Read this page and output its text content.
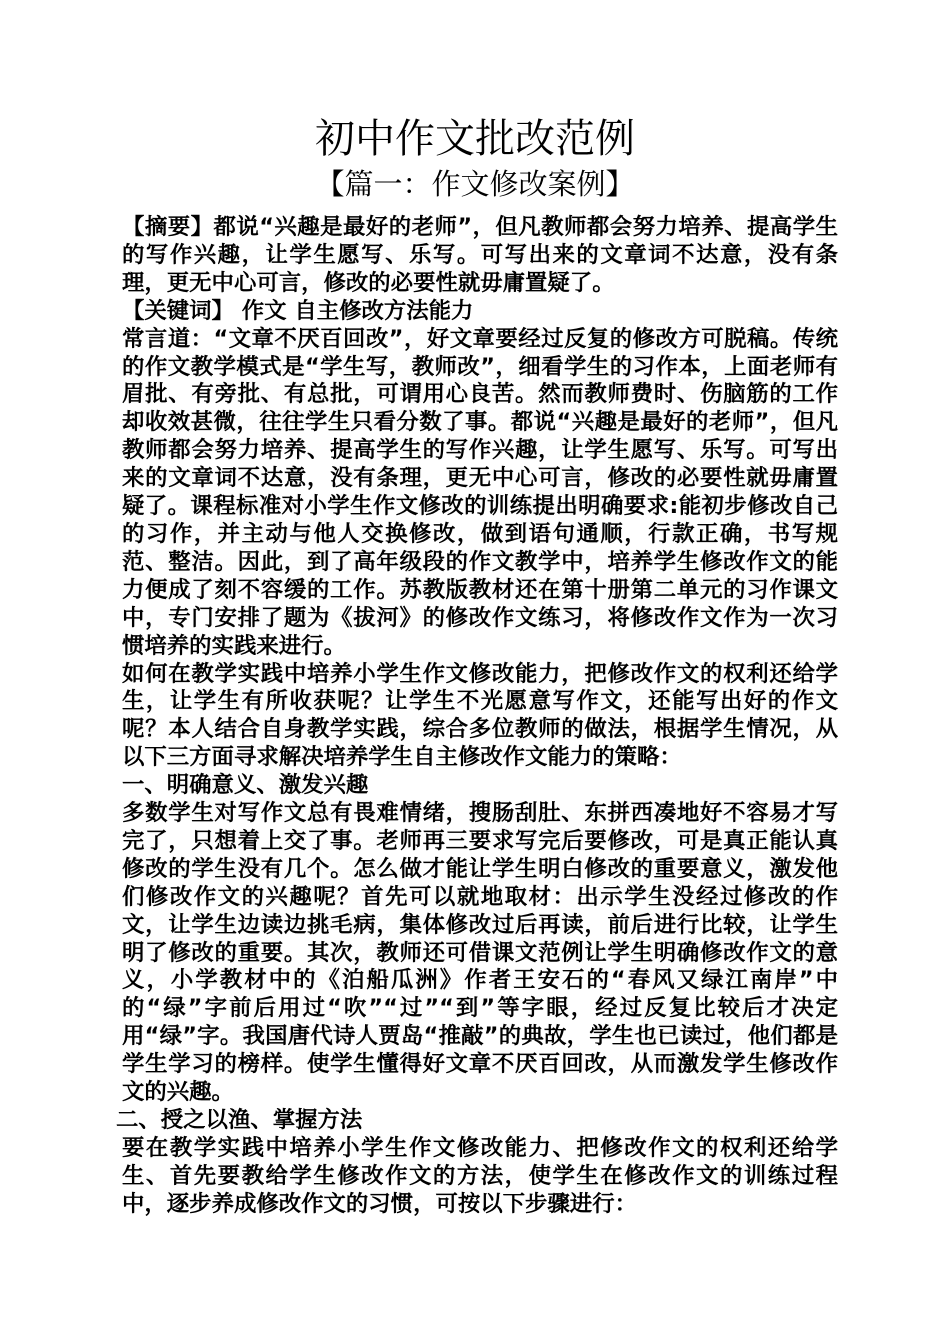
初中作文批改范例
【篇一：作文修改案例】

【摘要】都说“兴趣是最好的老师”，但凡教师都会努力培养、提高学生的写作兴趣，让学生愿写、乐写。可写出来的文章词不达意，没有条理，更无中心可言，修改的必要性就毋庸置疑了。

【关键词】 作文 自主修改方法能力

常言道：“文章不厌百回改”，好文章要经过反复的修改方可脱稿。传统的作文教学模式是“学生写，教师改”，细看学生的习作本，上面老师有眉批、有旁批、有总批，可谓用心良苦。然而教师费时、伤脑筋的工作却收效甚微，往往学生只看分数了事。都说“兴趣是最好的老师”，但凡教师都会努力培养、提高学生的写作兴趣，让学生愿写、乐写。可写出来的文章词不达意，没有条理，更无中心可言，修改的必要性就毋庸置疑了。课程标准对小学生作文修改的训练提出明确要求:能初步修改自己的习作，并主动与他人交换修改，做到语句通顺，行款正确，书写规范、整洁。因此，到了高年级段的作文教学中，培养学生修改作文的能力便成了刻不容缓的工作。苏教版教材还在第十册第二单元的习作课文中，专门安排了题为《拔河》的修改作文练习，将修改作文作为一次习惯培养的实践来进行。

如何在教学实践中培养小学生作文修改能力，把修改作文的权利还给学生，让学生有所收获呢？让学生不光愿意写作文，还能写出好的作文呢？本人结合自身教学实践，综合多位教师的做法，根据学生情况，从以下三方面寻求解决培养学生自主修改作文能力的策略：

一、明确意义、激发兴趣

多数学生对写作文总有畏难情绪，搜肠刮肚、东拼西凑地好不容易才写完了，只想着上交了事。老师再三要求写完后要修改，可是真正能认真修改的学生没有几个。怎么做才能让学生明白修改的重要意义，激发他们修改作文的兴趣呢？首先可以就地取材：出示学生没经过修改的作文，让学生边读边挑毛病，集体修改过后再读，前后进行比较，让学生明了修改的重要。其次，教师还可借课文范例让学生明确修改作文的意义，小学教材中的《泊船瓜洲》作者王安石的“春风又绿江南岸”中的“绿”字前后用过“吹”“过”“到”等字眼，经过反复比较后才决定用“绿”字。我国唐代诗人贾岛“推敲”的典故，学生也已读过，他们都是学生学习的榜样。使学生懂得好文章不厌百回改，从而激发学生修改作文的兴趣。

二、授之以渔、掌握方法

要在教学实践中培养小学生作文修改能力、把修改作文的权利还给学生、首先要教给学生修改作文的方法，使学生在修改作文的训练过程中，逐步养成修改作文的习惯，可按以下步骤进行：
